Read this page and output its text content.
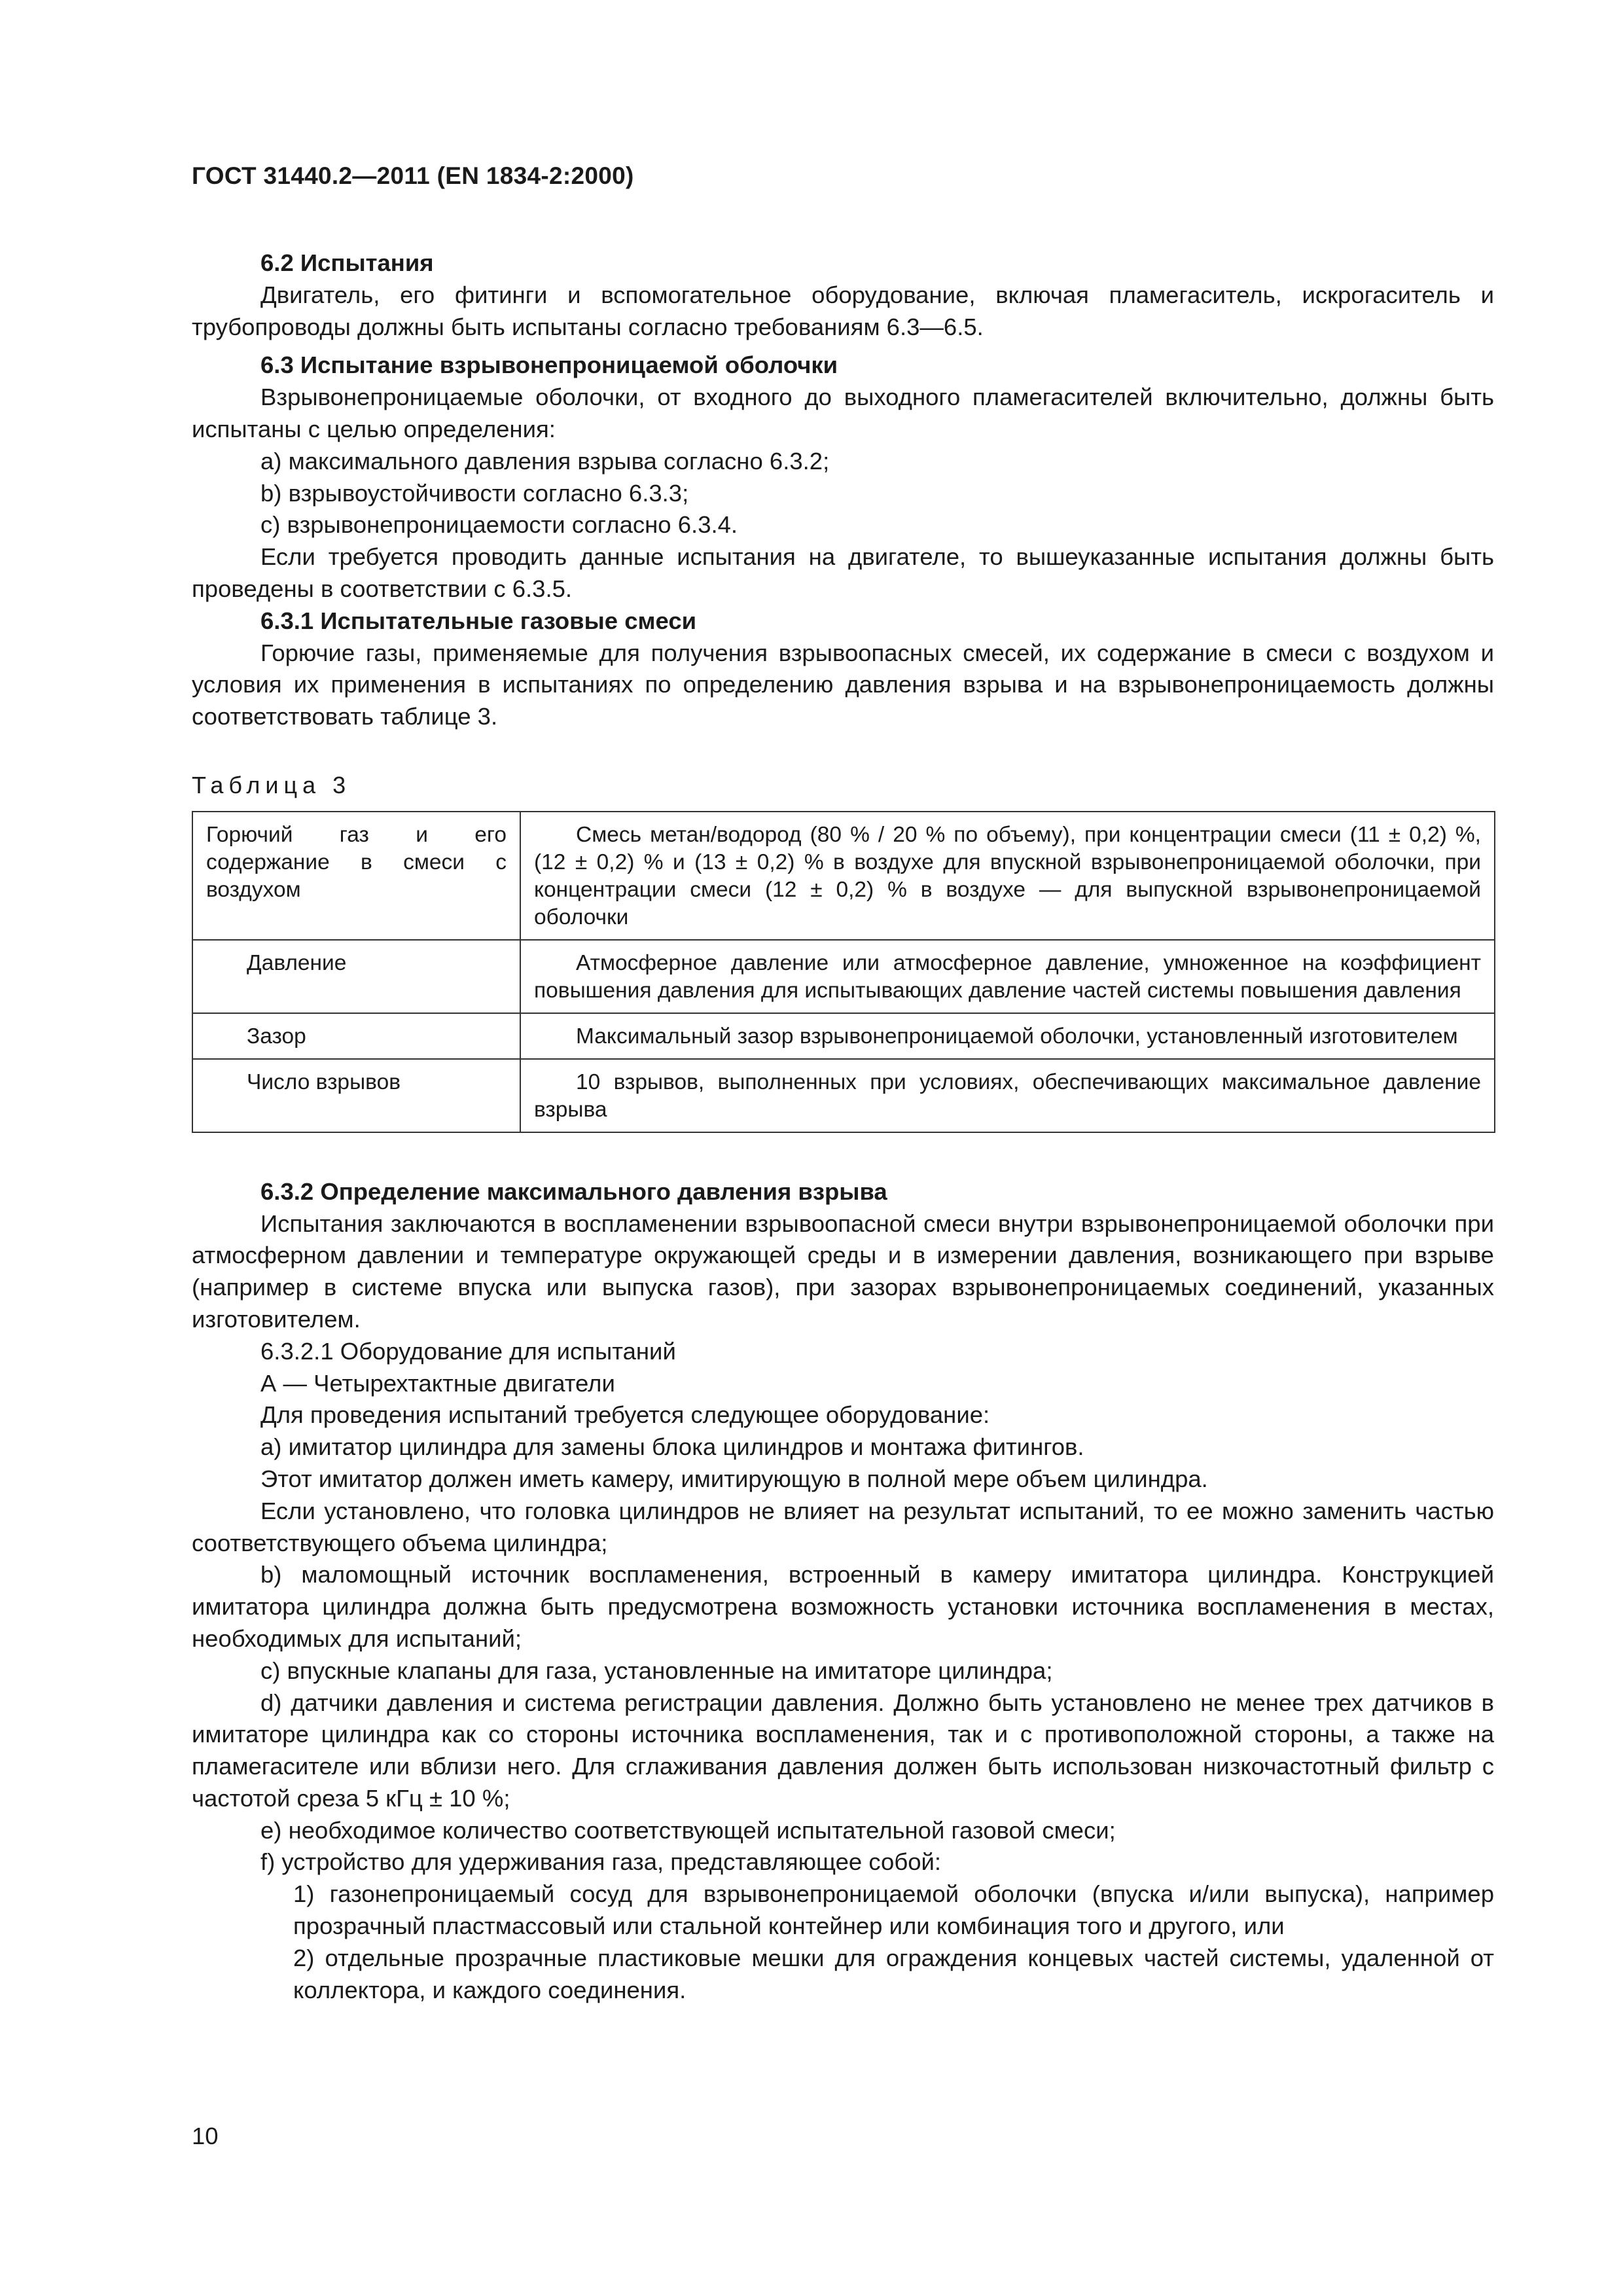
ГОСТ 31440.2—2011 (EN 1834-2:2000)

6.2 Испытания

Двигатель, его фитинги и вспомогательное оборудование, включая пламегаситель, искрогаситель и трубопроводы должны быть испытаны согласно требованиям 6.3—6.5.

6.3 Испытание взрывонепроницаемой оболочки

Взрывонепроницаемые оболочки, от входного до выходного пламегасителей включительно, должны быть испытаны с целью определения:

a) максимального давления взрыва согласно 6.3.2;

b) взрывоустойчивости согласно 6.3.3;

c) взрывонепроницаемости согласно 6.3.4.

Если требуется проводить данные испытания на двигателе, то вышеуказанные испытания должны быть проведены в соответствии с 6.3.5.

6.3.1 Испытательные газовые смеси

Горючие газы, применяемые для получения взрывоопасных смесей, их содержание в смеси с воздухом и условия их применения в испытаниях по определению давления взрыва и на взрывонепроницаемость должны соответствовать таблице 3.

Таблица 3

Горючий газ и его содержание в смеси с воздухом	Смесь метан/водород (80 % / 20 % по объему), при концентрации смеси (11 ± 0,2) %, (12 ± 0,2) % и (13 ± 0,2) % в воздухе для впускной взрывонепроницаемой оболочки, при концентрации смеси (12 ± 0,2) % в воздухе — для выпускной взрывонепроницаемой оболочки
Давление	Атмосферное давление или атмосферное давление, умноженное на коэффициент повышения давления для испытывающих давление частей системы повышения давления
Зазор	Максимальный зазор взрывонепроницаемой оболочки, установленный изготовителем
Число взрывов	10 взрывов, выполненных при условиях, обеспечивающих максимальное давление взрыва

6.3.2 Определение максимального давления взрыва

Испытания заключаются в воспламенении взрывоопасной смеси внутри взрывонепроницаемой оболочки при атмосферном давлении и температуре окружающей среды и в измерении давления, возникающего при взрыве (например в системе впуска или выпуска газов), при зазорах взрывонепроницаемых соединений, указанных изготовителем.

6.3.2.1 Оборудование для испытаний

А — Четырехтактные двигатели

Для проведения испытаний требуется следующее оборудование:

a) имитатор цилиндра для замены блока цилиндров и монтажа фитингов.

Этот имитатор должен иметь камеру, имитирующую в полной мере объем цилиндра.

Если установлено, что головка цилиндров не влияет на результат испытаний, то ее можно заменить частью соответствующего объема цилиндра;

b) маломощный источник воспламенения, встроенный в камеру имитатора цилиндра. Конструкцией имитатора цилиндра должна быть предусмотрена возможность установки источника воспламенения в местах, необходимых для испытаний;

c) впускные клапаны для газа, установленные на имитаторе цилиндра;

d) датчики давления и система регистрации давления. Должно быть установлено не менее трех датчиков в имитаторе цилиндра как со стороны источника воспламенения, так и с противоположной стороны, а также на пламегасителе или вблизи него. Для сглаживания давления должен быть использован низкочастотный фильтр с частотой среза 5 кГц ± 10 %;

e) необходимое количество соответствующей испытательной газовой смеси;

f) устройство для удерживания газа, представляющее собой:

1) газонепроницаемый сосуд для взрывонепроницаемой оболочки (впуска и/или выпуска), например прозрачный пластмассовый или стальной контейнер или комбинация того и другого, или

2) отдельные прозрачные пластиковые мешки для ограждения концевых частей системы, удаленной от коллектора, и каждого соединения.

10
